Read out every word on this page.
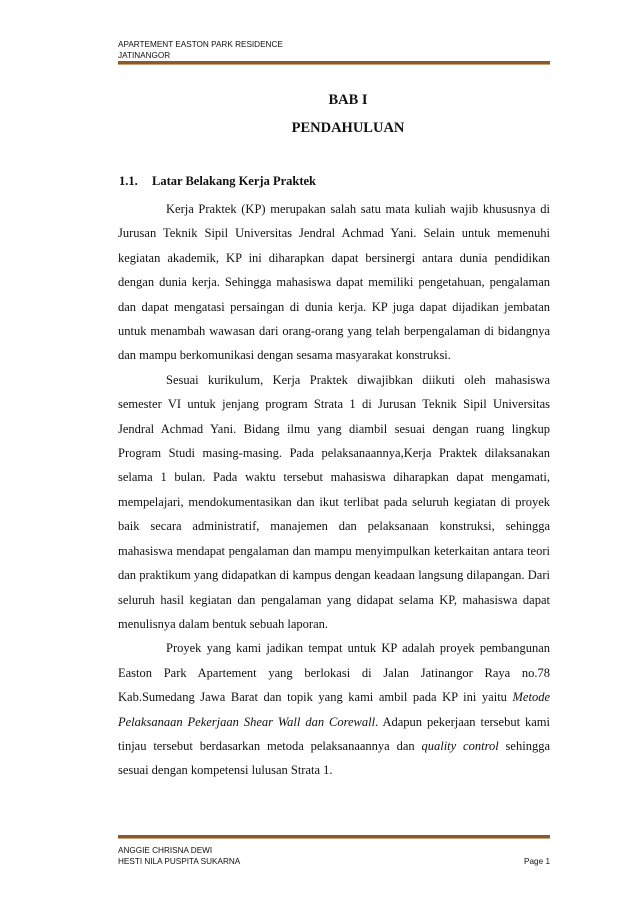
APARTEMENT EASTON PARK RESIDENCE
JATINANGOR
BAB I
PENDAHULUAN
1.1. Latar Belakang Kerja Praktek

Kerja Praktek (KP) merupakan salah satu mata kuliah wajib khususnya di Jurusan Teknik Sipil Universitas Jendral Achmad Yani. Selain untuk memenuhi kegiatan akademik, KP ini diharapkan dapat bersinergi antara dunia pendidikan dengan dunia kerja. Sehingga mahasiswa dapat memiliki pengetahuan, pengalaman dan dapat mengatasi persaingan di dunia kerja. KP juga dapat dijadikan jembatan untuk menambah wawasan dari orang-orang yang telah berpengalaman di bidangnya dan mampu berkomunikasi dengan sesama masyarakat konstruksi.

Sesuai kurikulum, Kerja Praktek diwajibkan diikuti oleh mahasiswa semester VI untuk jenjang program Strata 1 di Jurusan Teknik Sipil Universitas Jendral Achmad Yani. Bidang ilmu yang diambil sesuai dengan ruang lingkup Program Studi masing-masing. Pada pelaksanaannya,Kerja Praktek dilaksanakan selama 1 bulan. Pada waktu tersebut mahasiswa diharapkan dapat mengamati, mempelajari, mendokumentasikan dan ikut terlibat pada seluruh kegiatan di proyek baik secara administratif, manajemen dan pelaksanaan konstruksi, sehingga mahasiswa mendapat pengalaman dan mampu menyimpulkan keterkaitan antara teori dan praktikum yang didapatkan di kampus dengan keadaan langsung dilapangan. Dari seluruh hasil kegiatan dan pengalaman yang didapat selama KP, mahasiswa dapat menulisnya dalam bentuk sebuah laporan.

Proyek yang kami jadikan tempat untuk KP adalah proyek pembangunan Easton Park Apartement yang berlokasi di Jalan Jatinangor Raya no.78 Kab.Sumedang Jawa Barat dan topik yang kami ambil pada KP ini yaitu Metode Pelaksanaan Pekerjaan Shear Wall dan Corewall. Adapun pekerjaan tersebut kami tinjau tersebut berdasarkan metoda pelaksanaannya dan quality control sehingga sesuai dengan kompetensi lulusan Strata 1.

ANGGIE CHRISNA DEWI
HESTI NILA PUSPITA SUKARNA	Page 1
